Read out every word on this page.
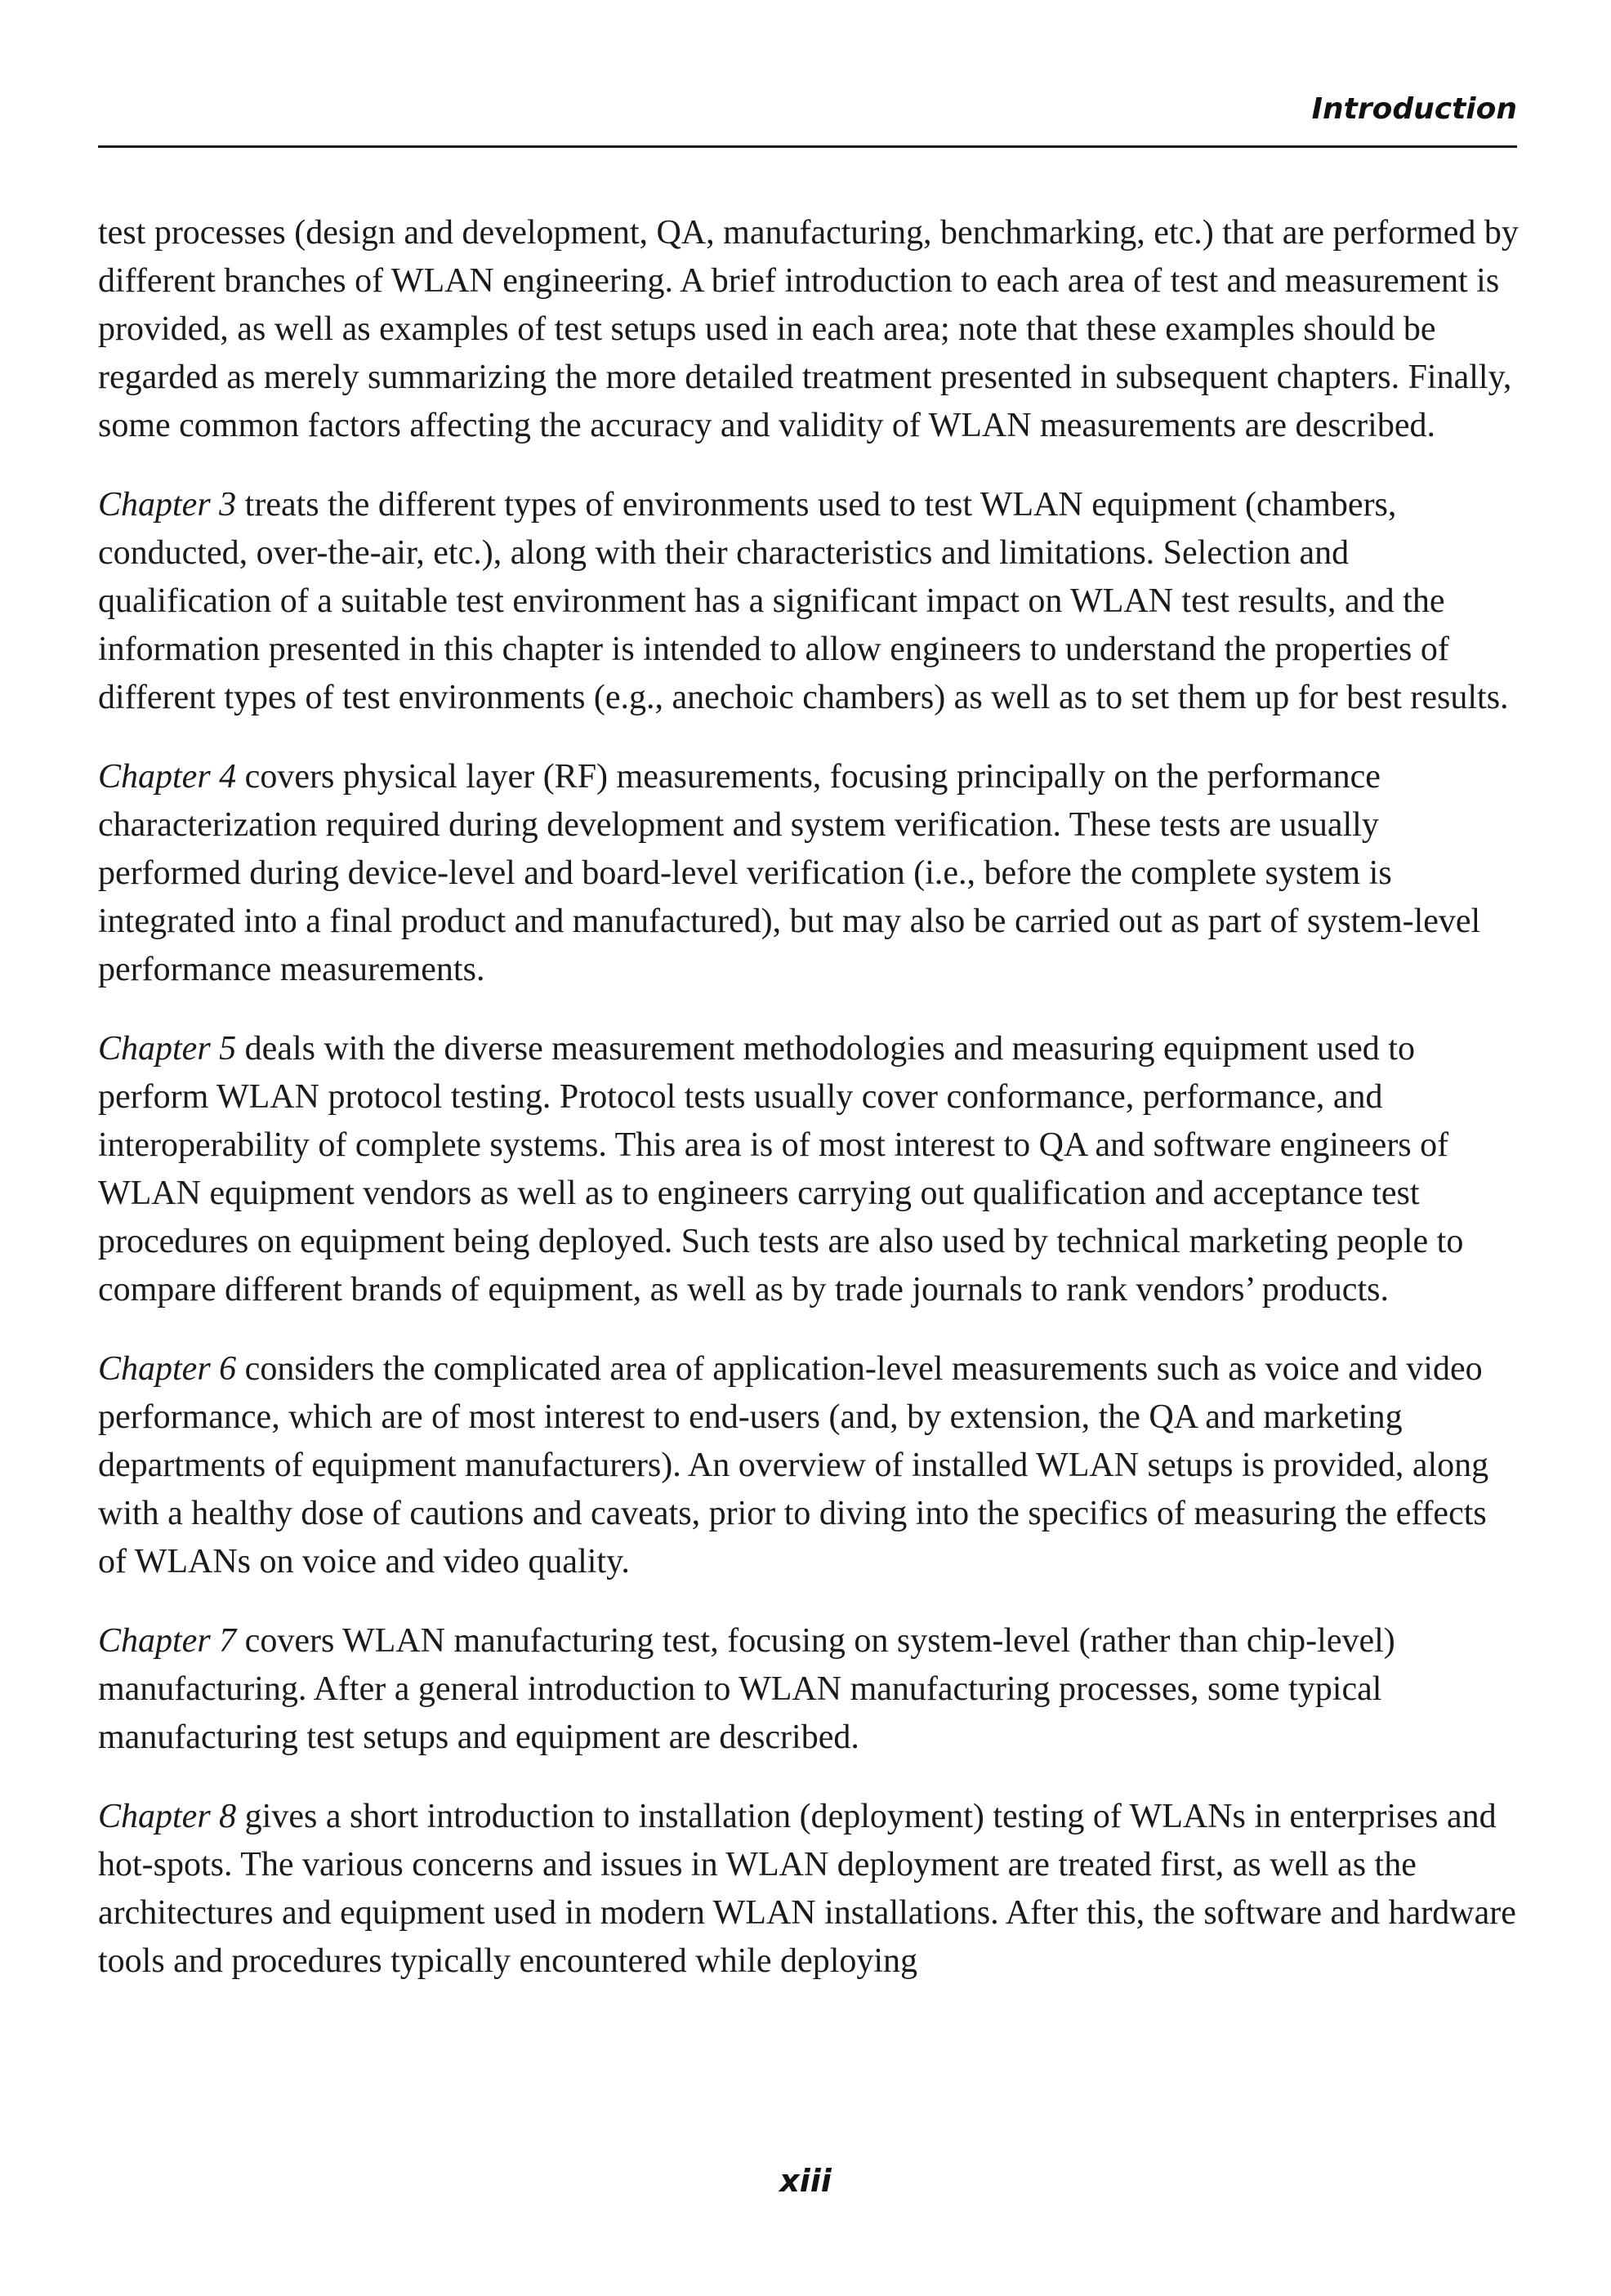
Introduction

test processes (design and development, QA, manufacturing, benchmarking, etc.) that are performed by different branches of WLAN engineering. A brief introduction to each area of test and measurement is provided, as well as examples of test setups used in each area; note that these examples should be regarded as merely summarizing the more detailed treatment presented in subsequent chapters. Finally, some common factors affecting the accuracy and validity of WLAN measurements are described.

Chapter 3 treats the different types of environments used to test WLAN equipment (chambers, conducted, over-the-air, etc.), along with their characteristics and limitations. Selection and qualification of a suitable test environment has a significant impact on WLAN test results, and the information presented in this chapter is intended to allow engineers to understand the properties of different types of test environments (e.g., anechoic chambers) as well as to set them up for best results.

Chapter 4 covers physical layer (RF) measurements, focusing principally on the performance characterization required during development and system verification. These tests are usually performed during device-level and board-level verification (i.e., before the complete system is integrated into a final product and manufactured), but may also be carried out as part of system-level performance measurements.

Chapter 5 deals with the diverse measurement methodologies and measuring equipment used to perform WLAN protocol testing. Protocol tests usually cover conformance, performance, and interoperability of complete systems. This area is of most interest to QA and software engineers of WLAN equipment vendors as well as to engineers carrying out qualification and acceptance test procedures on equipment being deployed. Such tests are also used by technical marketing people to compare different brands of equipment, as well as by trade journals to rank vendors’ products.

Chapter 6 considers the complicated area of application-level measurements such as voice and video performance, which are of most interest to end-users (and, by extension, the QA and marketing departments of equipment manufacturers). An overview of installed WLAN setups is provided, along with a healthy dose of cautions and caveats, prior to diving into the specifics of measuring the effects of WLANs on voice and video quality.

Chapter 7 covers WLAN manufacturing test, focusing on system-level (rather than chip-level) manufacturing. After a general introduction to WLAN manufacturing processes, some typical manufacturing test setups and equipment are described.

Chapter 8 gives a short introduction to installation (deployment) testing of WLANs in enterprises and hot-spots. The various concerns and issues in WLAN deployment are treated first, as well as the architectures and equipment used in modern WLAN installations. After this, the software and hardware tools and procedures typically encountered while deploying

xiii
